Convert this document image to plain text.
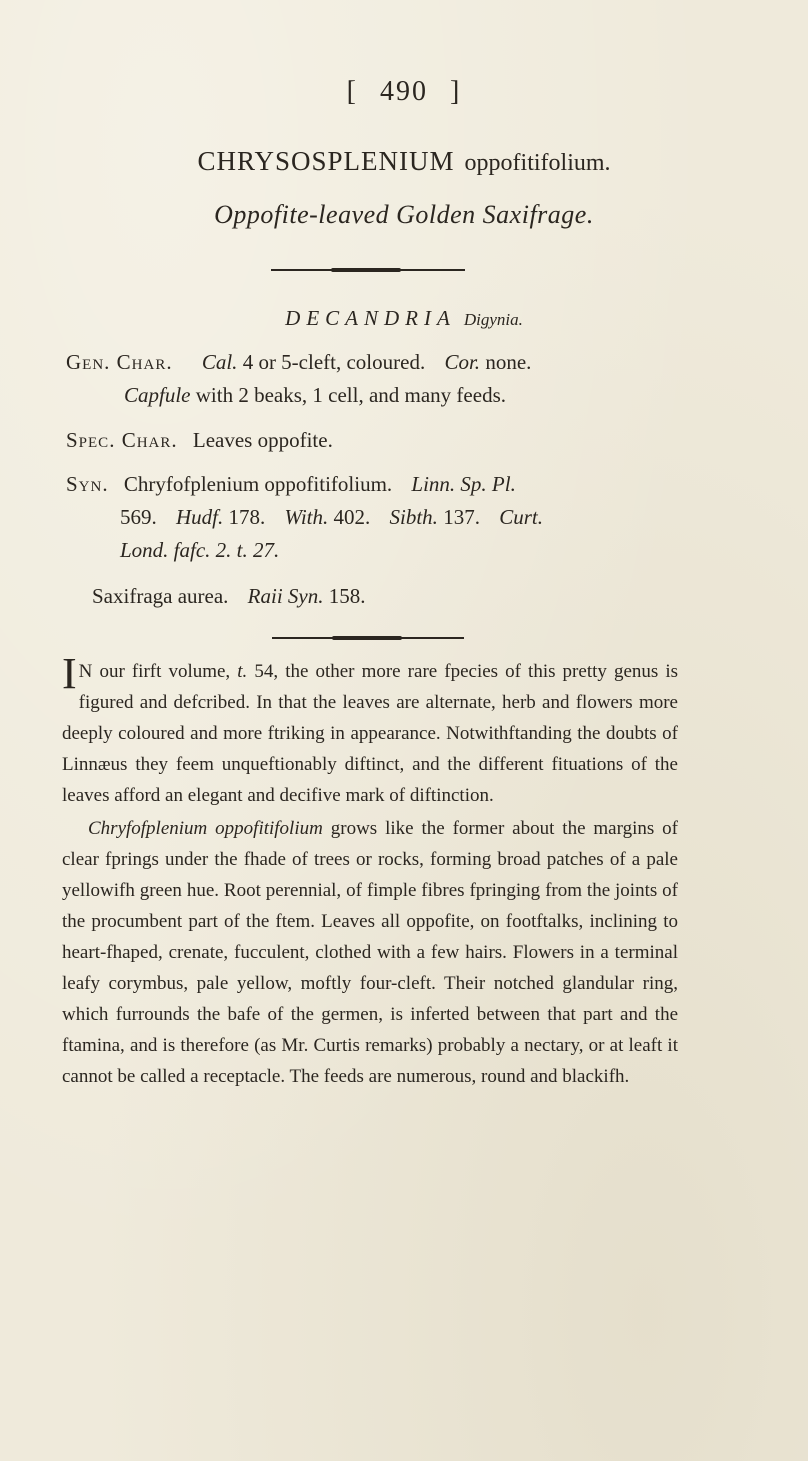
[ 490 ]
CHRYSOSPLENIUM oppofitifolium.
Oppofite-leaved Golden Saxifrage.
DECANDRIA Digynia.
Gen. Char. Cal. 4 or 5-cleft, coloured. Cor. none.
Capfule with 2 beaks, 1 cell, and many feeds.
Spec. Char. Leaves oppofite.
Syn. Chryfofplenium oppofitifolium. Linn. Sp. Pl.
569. Hudf. 178. With. 402. Sibth. 137. Curt.
Lond. fafc. 2. t. 27.
Saxifraga aurea. Raii Syn. 158.

I N our firft volume, t. 54, the other more rare fpecies of this pretty genus is figured and defcribed. In that the leaves are alternate, herb and flowers more deeply coloured and more ftriking in appearance. Notwithftanding the doubts of Linnæus they feem unqueftionably diftinct, and the different fituations of the leaves afford an elegant and decifive mark of diftinction.

Chryfofplenium oppofitifolium grows like the former about the margins of clear fprings under the fhade of trees or rocks, forming broad patches of a pale yellowifh green hue. Root perennial, of fimple fibres fpringing from the joints of the procumbent part of the ftem. Leaves all oppofite, on footftalks, inclining to heart-fhaped, crenate, fucculent, clothed with a few hairs. Flowers in a terminal leafy corymbus, pale yellow, moftly four-cleft. Their notched glandular ring, which furrounds the bafe of the germen, is inferted between that part and the ftamina, and is therefore (as Mr. Curtis remarks) probably a nectary, or at leaft it cannot be called a receptacle. The feeds are numerous, round and blackifh.
